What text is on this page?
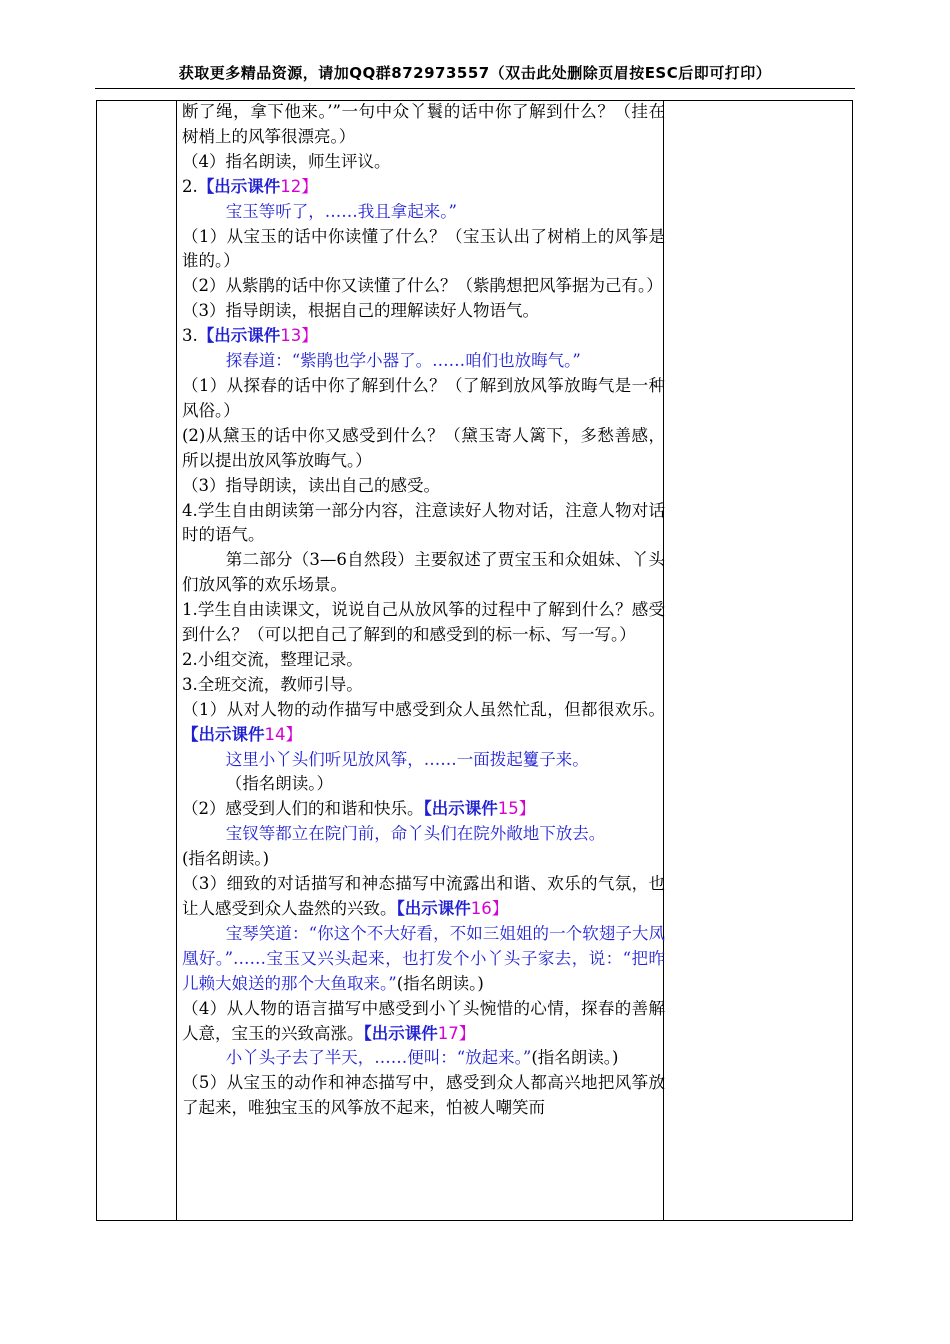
获取更多精品资源，请加QQ群872973557（双击此处删除页眉按ESC后即可打印）

断了绳，拿下他来。’”一句中众丫鬟的话中你了解到什么？（挂在树梢上的风筝很漂亮。）

（4）指名朗读，师生评议。

2.【出示课件12】

宝玉等听了，……我且拿起来。”

（1）从宝玉的话中你读懂了什么？（宝玉认出了树梢上的风筝是谁的。）

（2）从紫鹃的话中你又读懂了什么？（紫鹃想把风筝据为己有。）

（3）指导朗读，根据自己的理解读好人物语气。

3.【出示课件13】

探春道：“紫鹃也学小器了。……咱们也放晦气。”

（1）从探春的话中你了解到什么？（了解到放风筝放晦气是一种风俗。）

(2)从黛玉的话中你又感受到什么？（黛玉寄人篱下，多愁善感，所以提出放风筝放晦气。）

（3）指导朗读，读出自己的感受。

4.学生自由朗读第一部分内容，注意读好人物对话，注意人物对话时的语气。

第二部分（3—6自然段）主要叙述了贾宝玉和众姐妹、丫头们放风筝的欢乐场景。

1.学生自由读课文，说说自己从放风筝的过程中了解到什么？感受到什么？（可以把自己了解到的和感受到的标一标、写一写。）

2.小组交流，整理记录。

3.全班交流，教师引导。

（1）从对人物的动作描写中感受到众人虽然忙乱，但都很欢乐。【出示课件14】

这里小丫头们听见放风筝，……一面拨起籰子来。

（指名朗读。）

（2）感受到人们的和谐和快乐。【出示课件15】

宝钗等都立在院门前，命丫头们在院外敞地下放去。

(指名朗读。)

（3）细致的对话描写和神态描写中流露出和谐、欢乐的气氛，也让人感受到众人盎然的兴致。【出示课件16】

宝琴笑道：“你这个不大好看，不如三姐姐的一个软翅子大凤凰好。”……宝玉又兴头起来，也打发个小丫头子家去，说：“把昨儿赖大娘送的那个大鱼取来。”(指名朗读。)

（4）从人物的语言描写中感受到小丫头惋惜的心情，探春的善解人意，宝玉的兴致高涨。【出示课件17】

小丫头子去了半天，……便叫：“放起来。”(指名朗读。)

（5）从宝玉的动作和神态描写中，感受到众人都高兴地把风筝放了起来，唯独宝玉的风筝放不起来，怕被人嘲笑而
